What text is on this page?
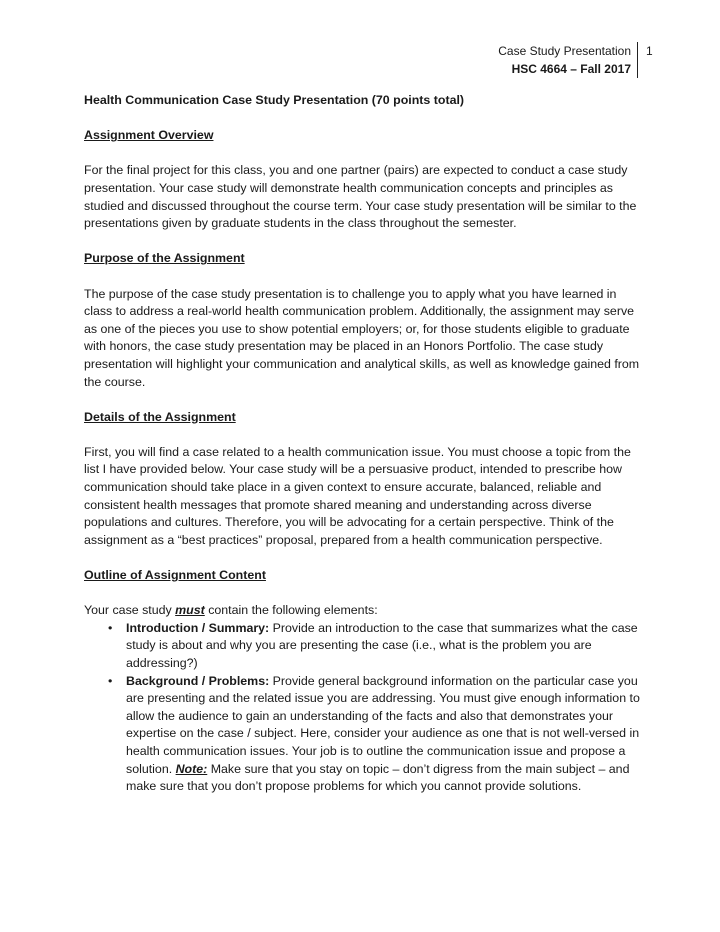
Case Study Presentation
HSC 4664 – Fall 2017
1

Health Communication Case Study Presentation (70 points total)

Assignment Overview

For the final project for this class, you and one partner (pairs) are expected to conduct a case study presentation. Your case study will demonstrate health communication concepts and principles as studied and discussed throughout the course term. Your case study presentation will be similar to the presentations given by graduate students in the class throughout the semester.

Purpose of the Assignment

The purpose of the case study presentation is to challenge you to apply what you have learned in class to address a real-world health communication problem. Additionally, the assignment may serve as one of the pieces you use to show potential employers; or, for those students eligible to graduate with honors, the case study presentation may be placed in an Honors Portfolio. The case study presentation will highlight your communication and analytical skills, as well as knowledge gained from the course.

Details of the Assignment

First, you will find a case related to a health communication issue. You must choose a topic from the list I have provided below. Your case study will be a persuasive product, intended to prescribe how communication should take place in a given context to ensure accurate, balanced, reliable and consistent health messages that promote shared meaning and understanding across diverse populations and cultures. Therefore, you will be advocating for a certain perspective. Think of the assignment as a “best practices” proposal, prepared from a health communication perspective.

Outline of Assignment Content

Your case study must contain the following elements:

• Introduction / Summary: Provide an introduction to the case that summarizes what the case study is about and why you are presenting the case (i.e., what is the problem you are addressing?)
• Background / Problems: Provide general background information on the particular case you are presenting and the related issue you are addressing. You must give enough information to allow the audience to gain an understanding of the facts and also that demonstrates your expertise on the case / subject. Here, consider your audience as one that is not well-versed in health communication issues. Your job is to outline the communication issue and propose a solution. Note: Make sure that you stay on topic – don’t digress from the main subject – and make sure that you don’t propose problems for which you cannot provide solutions.
